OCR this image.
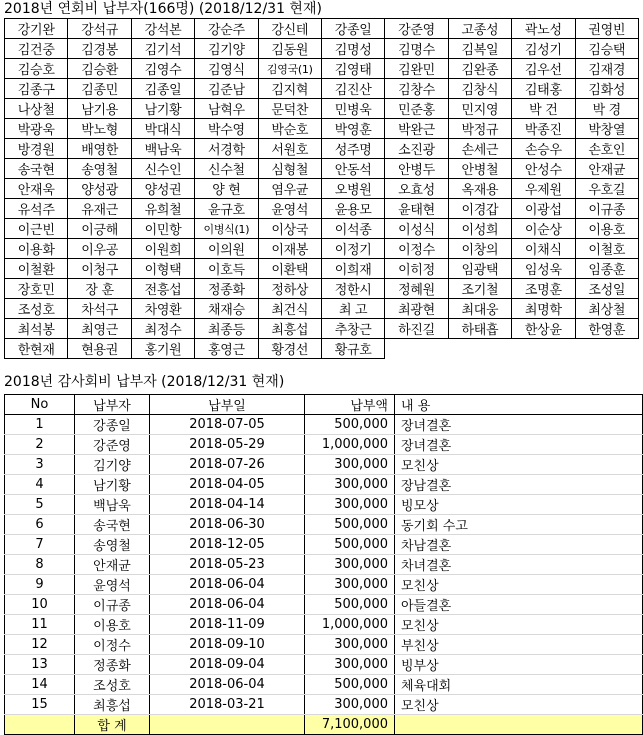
2018년 연회비 납부자(166명) (2018/12/31 현재)
강기완	강석규	강석본	강순주	강신테	강종일	강준영	고종성	곽노성	권영빈
김건중	김경봉	김기석	김기양	김동원	김명성	김명수	김복일	김성기	김승택
김승호	김승환	김영수	김영식	김영국(1)	김영태	김완민	김완종	김우선	김재경
김종구	김종민	김종일	김준남	김지혁	김진산	김창수	김창식	김태홍	김화성
나상철	남기용	남기황	남혁우	문덕찬	민병욱	민준홍	민지영	박 건	박 경
박광욱	박노형	박대식	박수영	박순호	박영훈	박완근	박정규	박종진	박창열
방경원	배영한	백남욱	서경학	서원호	성주명	소진광	손세근	손승우	손호인
송국현	송영철	신수인	신수철	심형철	안동석	안병두	안병철	안성수	안재균
안재욱	양성광	양성권	양 현	염우균	오병원	오효성	옥재용	우제원	우호길
유석주	유재근	유희철	윤규호	윤영석	윤용모	윤태현	이경갑	이광섭	이규종
이근빈	이긍해	이민항	이병식(1)	이상국	이석종	이성식	이성희	이순상	이용호
이용화	이우공	이원희	이의원	이재봉	이정기	이정수	이창의	이채식	이철호
이철환	이청구	이형택	이호득	이환택	이희재	이히정	임광택	임성욱	임종훈
장호민	장 훈	전흥섭	정종화	정하상	정한시	정혜원	조기철	조명훈	조성일
조성호	차석구	차영환	채재승	최건식	최 고	최광현	최대웅	최명학	최상철
최석봉	최영근	최정수	최종등	최흥섭	추창근	하진길	하태흡	한상윤	한영훈
한현재	현용권	홍기원	홍영근	황경선	황규호				
2018년 감사회비 납부자 (2018/12/31 현재)
No	납부자	납부일	납부액	내 용
1	강종일	2018-07-05	500,000	장녀결혼
2	강준영	2018-05-29	1,000,000	장녀결혼
3	김기양	2018-07-26	300,000	모친상
4	남기황	2018-04-05	300,000	장남결혼
5	백남욱	2018-04-14	300,000	빙모상
6	송국현	2018-06-30	500,000	동기회 수고
7	송영철	2018-12-05	500,000	차남결혼
8	안재균	2018-05-23	300,000	차녀결혼
9	윤영석	2018-06-04	300,000	모친상
10	이규종	2018-06-04	500,000	아들결혼
11	이용호	2018-11-09	1,000,000	모친상
12	이정수	2018-09-10	300,000	부친상
13	정종화	2018-09-04	300,000	빙부상
14	조성호	2018-06-04	500,000	체육대회
15	최흥섭	2018-03-21	300,000	모친상
	합 계		7,100,000	
